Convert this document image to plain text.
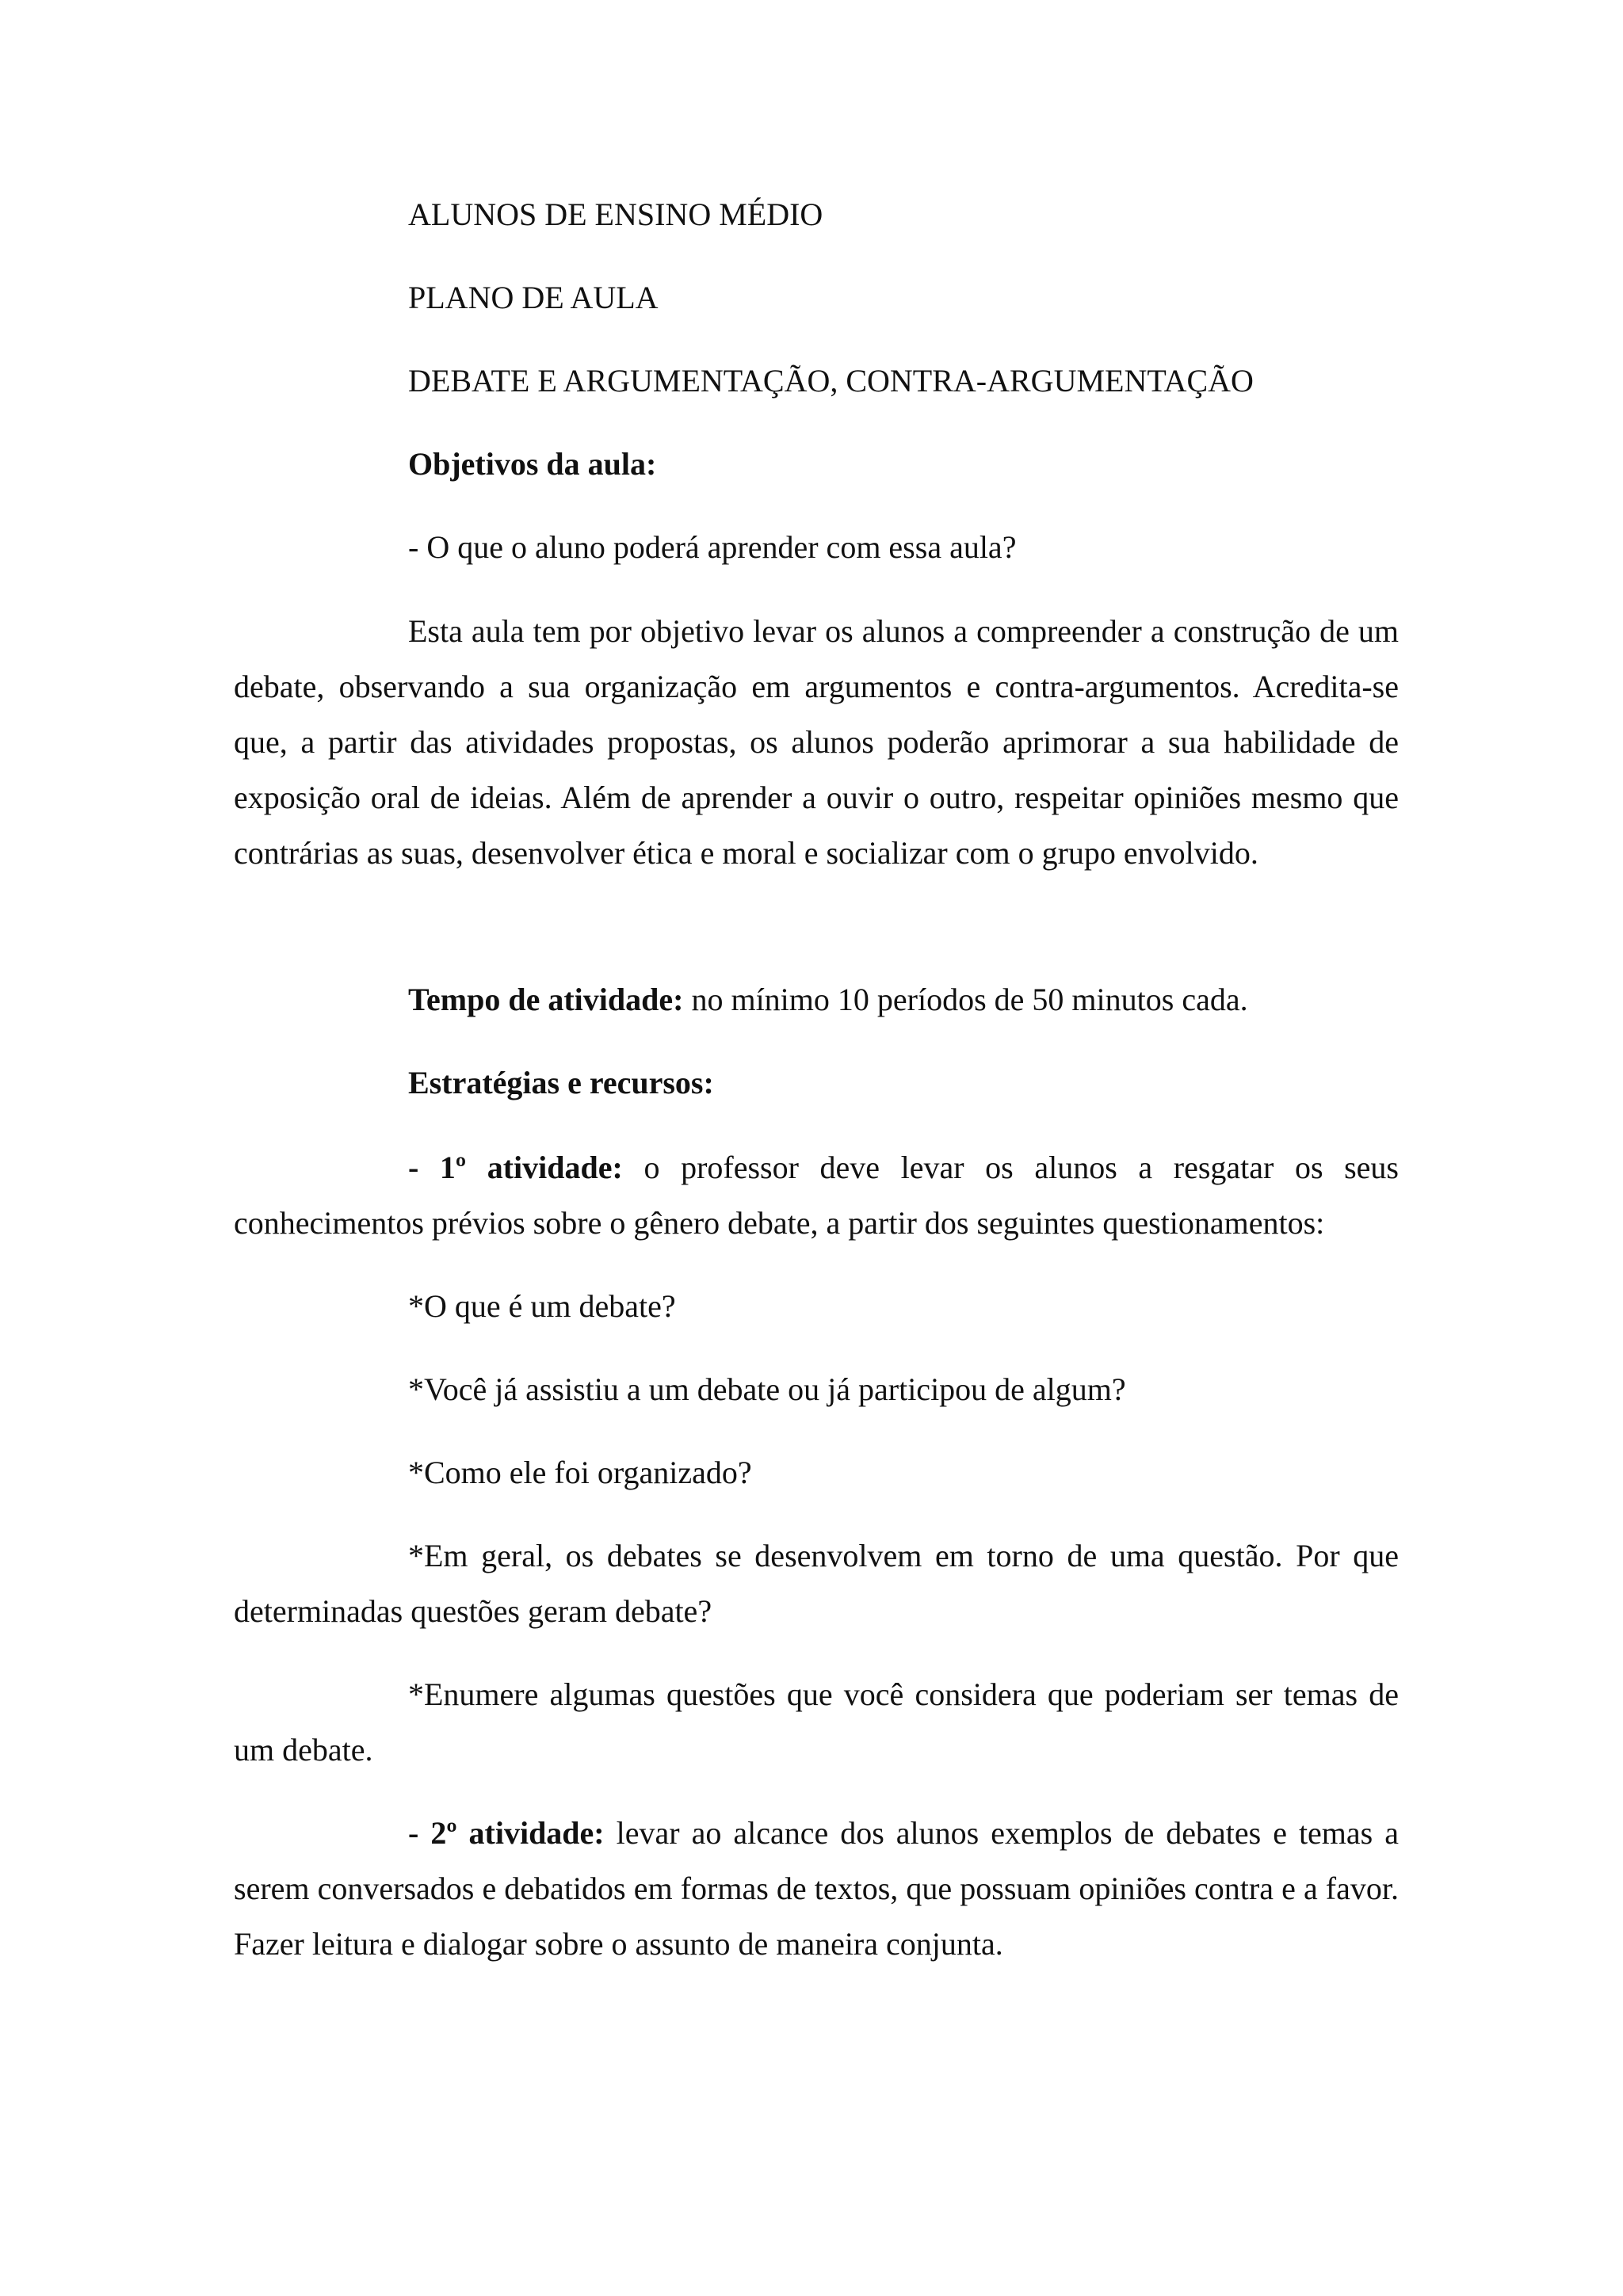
ALUNOS DE ENSINO MÉDIO
PLANO DE AULA
DEBATE E ARGUMENTAÇÃO, CONTRA-ARGUMENTAÇÃO
Objetivos da aula:
- O que o aluno poderá aprender com essa aula?

Esta aula tem por objetivo levar os alunos a compreender a construção de um debate, observando a sua organização em argumentos e contra-argumentos. Acredita-se que, a partir das atividades propostas, os alunos poderão aprimorar a sua habilidade de exposição oral de ideias. Além de aprender a ouvir o outro, respeitar opiniões mesmo que contrárias as suas, desenvolver ética e moral e socializar com o grupo envolvido.

Tempo de atividade: no mínimo 10 períodos de 50 minutos cada.
Estratégias e recursos:

- 1º atividade: o professor deve levar os alunos a resgatar os seus conhecimentos prévios sobre o gênero debate, a partir dos seguintes questionamentos:

*O que é um debate?
*Você já assistiu a um debate ou já participou de algum?
*Como ele foi organizado?

*Em geral, os debates se desenvolvem em torno de uma questão. Por que determinadas questões geram debate?

*Enumere algumas questões que você considera que poderiam ser temas de um debate.

- 2º atividade: levar ao alcance dos alunos exemplos de debates e temas a serem conversados e debatidos em formas de textos, que possuam opiniões contra e a favor. Fazer leitura e dialogar sobre o assunto de maneira conjunta.
